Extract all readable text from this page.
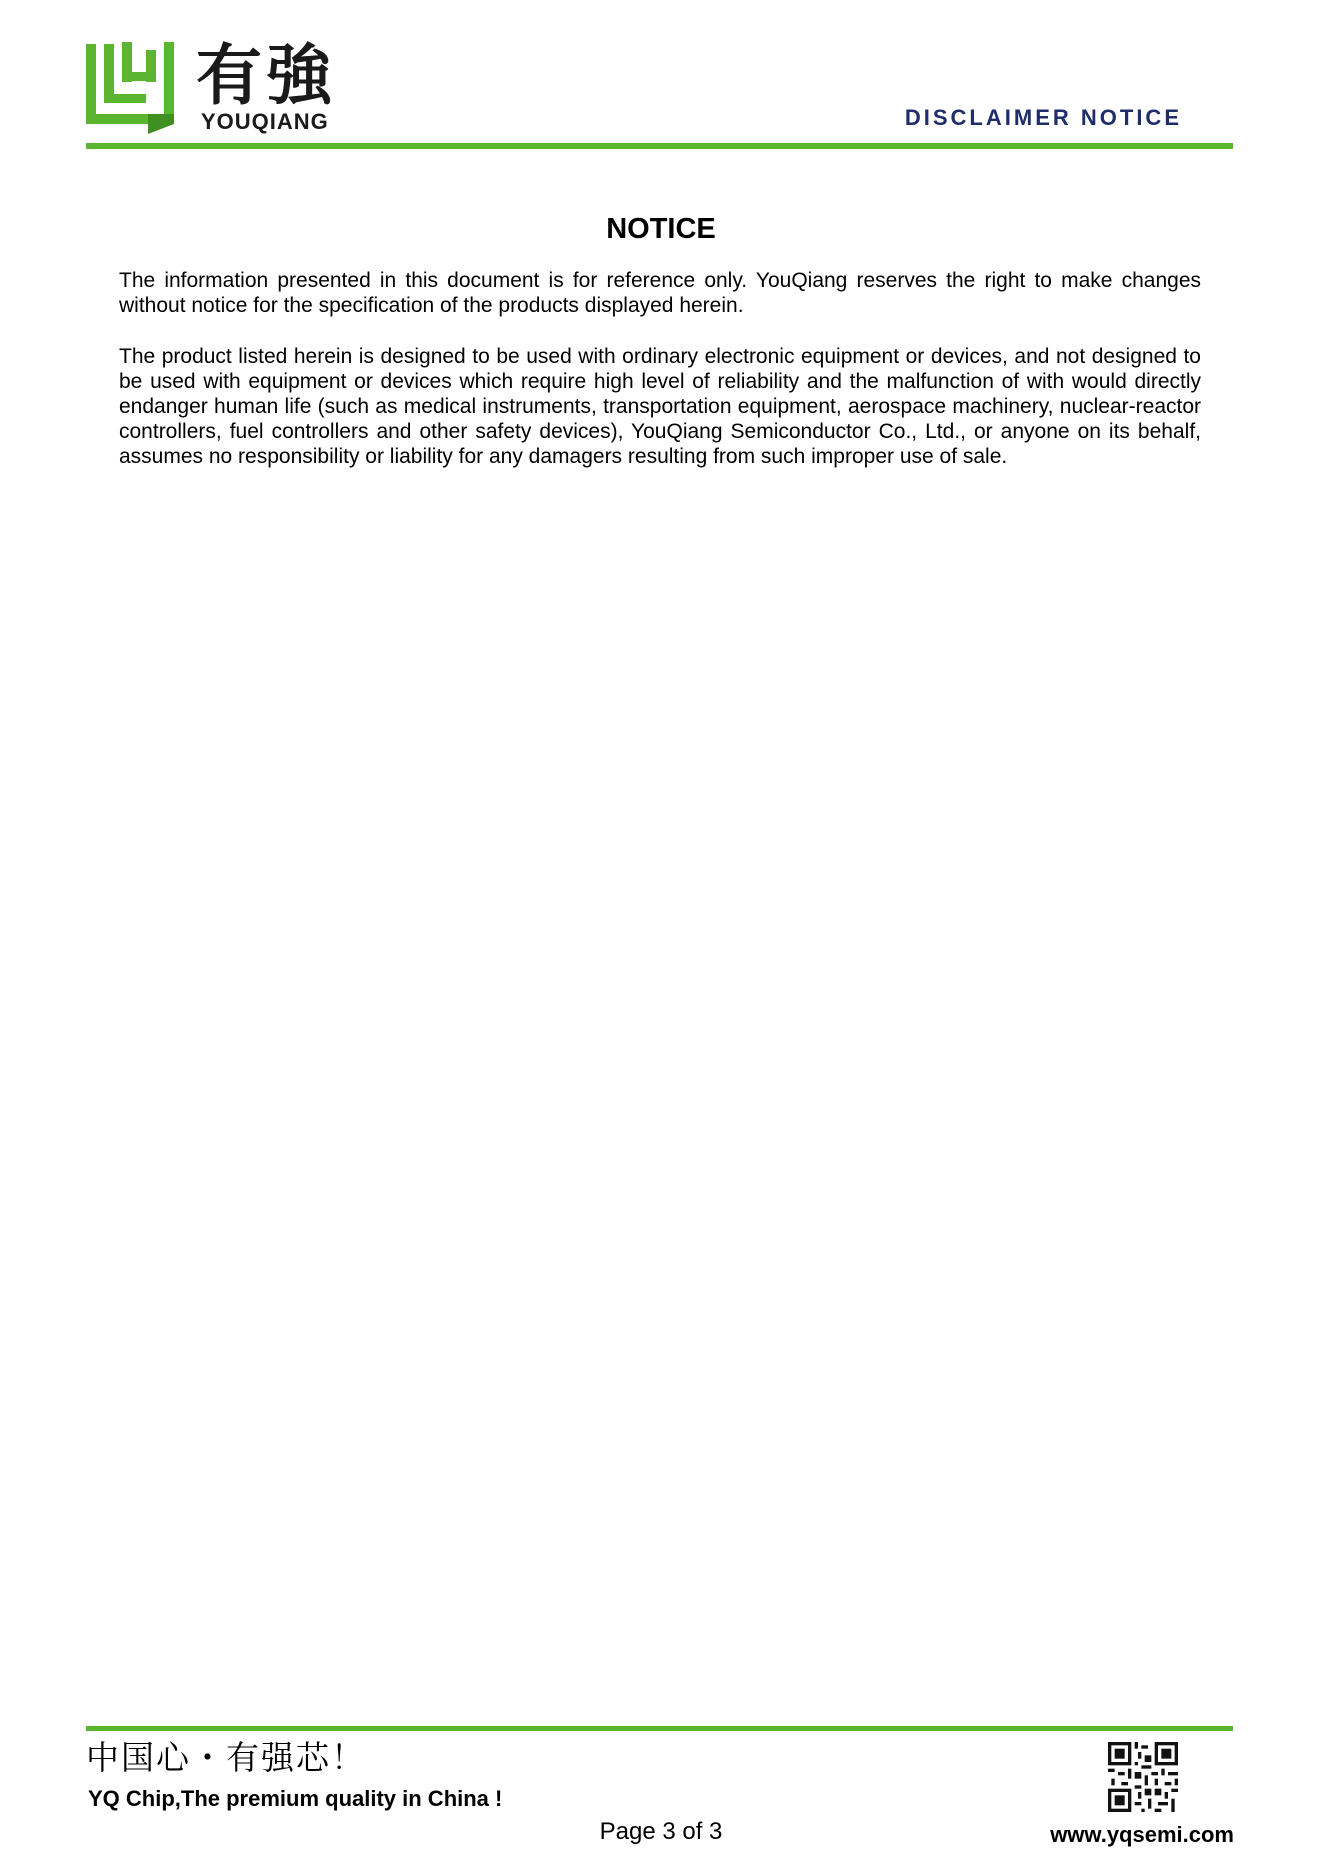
有強
YOUQIANG	DISCLAIMER NOTICE
NOTICE

The information presented in this document is for reference only. YouQiang reserves the right to make changes without notice for the specification of the products displayed herein.

The product listed herein is designed to be used with ordinary electronic equipment or devices, and not designed to be used with equipment or devices which require high level of reliability and the malfunction of with would directly endanger human life (such as medical instruments, transportation equipment, aerospace machinery, nuclear-reactor controllers, fuel controllers and other safety devices), YouQiang Semiconductor Co., Ltd., or anyone on its behalf, assumes no responsibility or liability for any damagers resulting from such improper use of sale.

中国心・有强芯！
YQ Chip,The premium quality in China !
Page 3 of 3	www.yqsemi.com
